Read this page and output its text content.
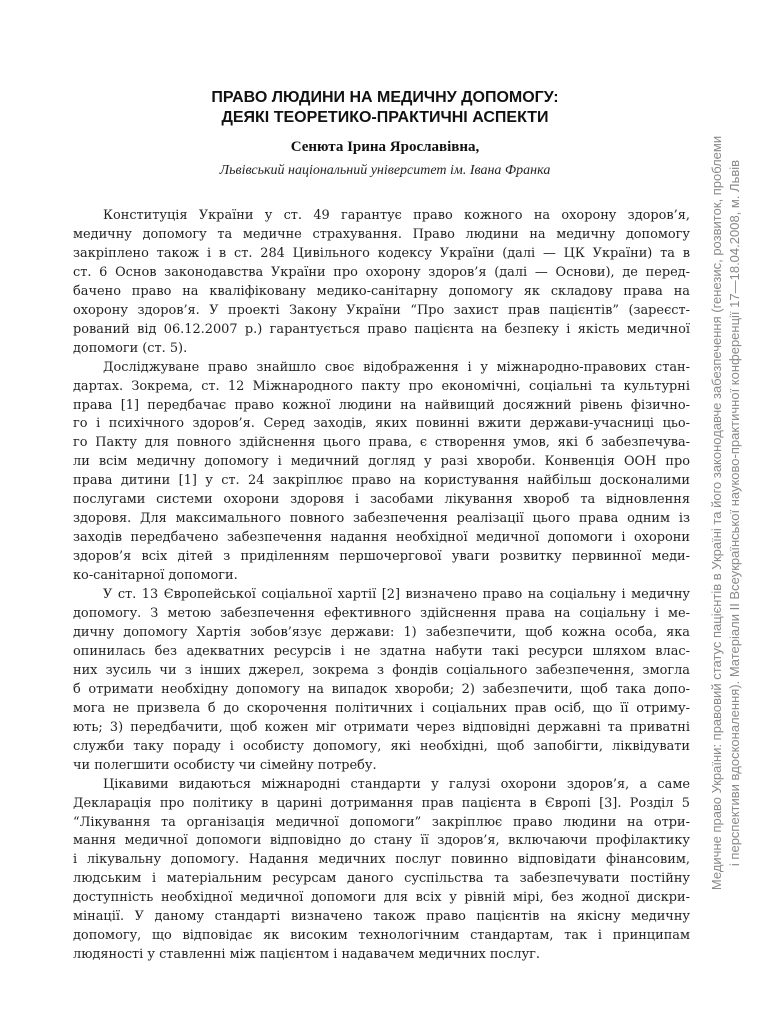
ПРАВО ЛЮДИНИ НА МЕДИЧНУ ДОПОМОГУ:
ДЕЯКІ ТЕОРЕТИКО-ПРАКТИЧНІ АСПЕКТИ

Сенюта Ірина Ярославівна,

Львівський національний університет ім. Івана Франка

Конституція України у ст. 49 гарантує право кожного на охорону здоров’я,
медичну допомогу та медичне страхування. Право людини на медичну допомогу
закріплено також і в ст. 284 Цивільного кодексу України (далі — ЦК України) та в
ст. 6 Основ законодавства України про охорону здоров’я (далі — Основи), де перед-
бачено право на кваліфіковану медико-санітарну допомогу як складову права на
охорону здоров’я. У проекті Закону України “Про захист прав пацієнтів” (зареєст-
рований від 06.12.2007 р.) гарантується право пацієнта на безпеку і якість медичної
допомоги (ст. 5).

Досліджуване право знайшло своє відображення і у міжнародно-правових стан-
дартах. Зокрема, ст. 12 Міжнародного пакту про економічні, соціальні та культурні
права [1] передбачає право кожної людини на найвищий досяжний рівень фізично-
го і психічного здоров’я. Серед заходів, яких повинні вжити держави-учасниці цьо-
го Пакту для повного здійснення цього права, є створення умов, які б забезпечува-
ли всім медичну допомогу і медичний догляд у разі хвороби. Конвенція ООН про
права дитини [1] у ст. 24 закріплює право на користування найбільш досконалими
послугами системи охорони здоровя і засобами лікування хвороб та відновлення
здоровя. Для максимального повного забезпечення реалізації цього права одним із
заходів передбачено забезпечення надання необхідної медичної допомоги і охорони
здоров’я всіх дітей з приділенням першочергової уваги розвитку первинної меди-
ко-санітарної допомоги.

У ст. 13 Європейської соціальної хартії [2] визначено право на соціальну і медичну
допомогу. З метою забезпечення ефективного здійснення права на соціальну і ме-
дичну допомогу Хартія зобов’язує держави: 1) забезпечити, щоб кожна особа, яка
опинилась без адекватних ресурсів і не здатна набути такі ресурси шляхом влас-
них зусиль чи з інших джерел, зокрема з фондів соціального забезпечення, змогла
б отримати необхідну допомогу на випадок хвороби; 2) забезпечити, щоб така допо-
мога не призвела б до скорочення політичних і соціальних прав осіб, що її отриму-
ють; 3) передбачити, щоб кожен міг отримати через відповідні державні та приватні
служби таку пораду і особисту допомогу, які необхідні, щоб запобігти, ліквідувати
чи полегшити особисту чи сімейну потребу.

Цікавими видаються міжнародні стандарти у галузі охорони здоров’я, а саме
Декларація про політику в царині дотримання прав пацієнта в Європі [3]. Розділ 5
“Лікування та організація медичної допомоги” закріплює право людини на отри-
мання медичної допомоги відповідно до стану її здоров’я, включаючи профілактику
і лікувальну допомогу. Надання медичних послуг повинно відповідати фінансовим,
людським і матеріальним ресурсам даного суспільства та забезпечувати постійну
доступність необхідної медичної допомоги для всіх у рівній мірі, без жодної дискри-
мінації. У даному стандарті визначено також право пацієнтів на якісну медичну
допомогу, що відповідає як високим технологічним стандартам, так і принципам
людяності у ставленні між пацієнтом і надавачем медичних послуг.

Медичне право України: правовий статус пацієнтів в Україні та його законодавче забезпечення (генезис, розвиток, проблеми і перспективи вдосконалення). Матеріали II Всеукраїнської науково-практичної конференції 17—18.04.2008, м. Львів
